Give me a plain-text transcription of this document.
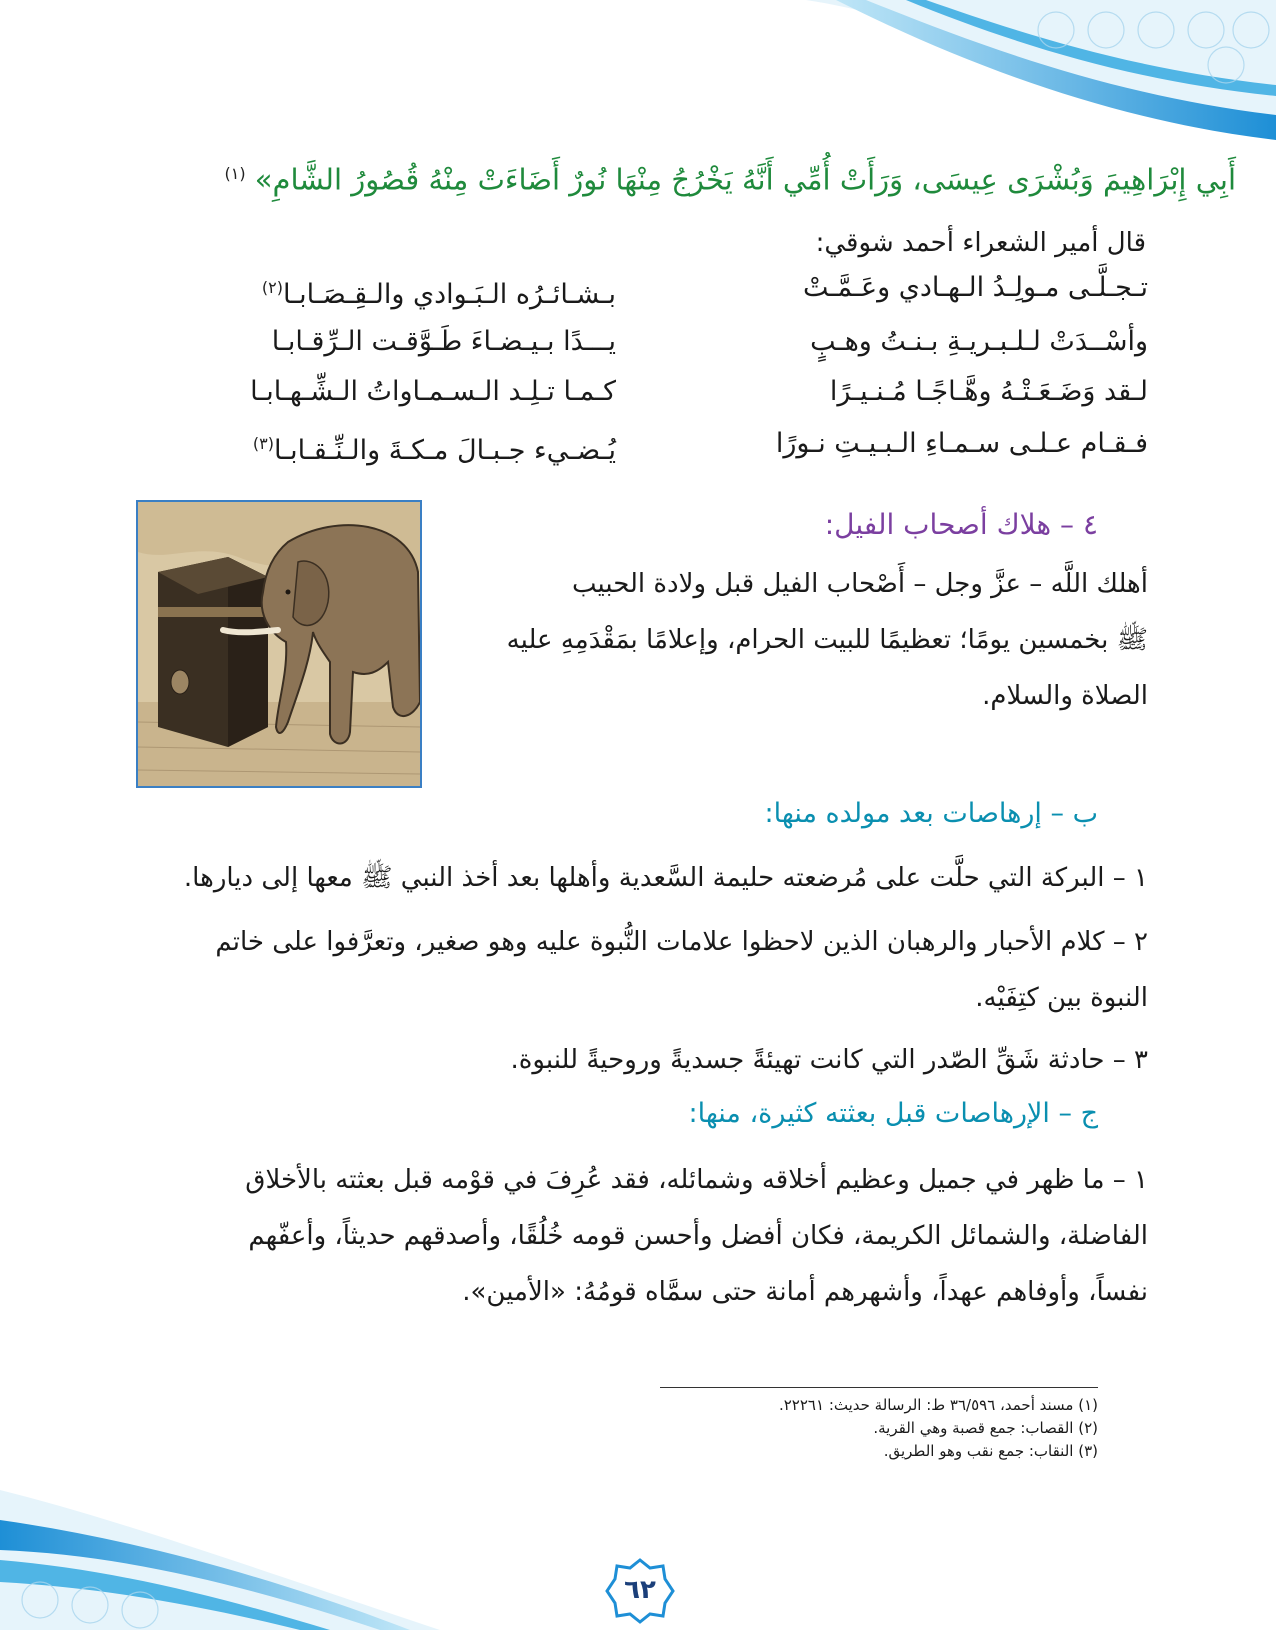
أَبِي إِبْرَاهِيمَ وَبُشْرَى عِيسَى، وَرَأَتْ أُمِّي أَنَّهُ يَخْرُجُ مِنْهَا نُورٌ أَضَاءَتْ مِنْهُ قُصُورُ الشَّامِ» $^{(١)}$
قال أمير الشعراء أحمد شوقي:
تـجـلَّـى مـولِـدُ الـهـادي وعَـمَّـتْ
بـشـائـرُه الـبَـوادي والـقِـصَـابـا$^{(٢)}$
وأسْــدَتْ لـلـبـريـةِ بـنـتُ وهـبٍ
يـــدًا بـيـضـاءَ طَـوَّقـت الـرِّقـابـا
لـقد وَضَـعَـتْـهُ وهَّـاجًـا مُـنـيـرًا
كـمـا تـلِـد الـسـمـاواتُ الـشِّـهـابـا
فـقـام عـلـى سـمـاءِ الـبـيـتِ نـورًا
يُـضـيء جـبـالَ مـكـةَ والـنِّـقـابـا$^{(٣)}$
٤ – هلاك أصحاب الفيل:
أهلك اللَّه – عزَّ وجل – أَصْحاب الفيل قبل ولادة الحبيب
ﷺ بخمسين يومًا؛ تعظيمًا للبيت الحرام، وإعلامًا بمَقْدَمِهِ عليه
الصلاة والسلام.
ب – إرهاصات بعد مولده منها:
١ – البركة التي حلَّت على مُرضعته حليمة السَّعدية وأهلها بعد أخذ النبي ﷺ معها إلى ديارها.
٢ – كلام الأحبار والرهبان الذين لاحظوا علامات النُّبوة عليه وهو صغير، وتعرَّفوا على خاتم
النبوة بين كتِفَيْه.
٣ – حادثة شَقِّ الصّدر التي كانت تهيئةً جسديةً وروحيةً للنبوة.
ج – الإرهاصات قبل بعثته كثيرة، منها:
١ – ما ظهر في جميل وعظيم أخلاقه وشمائله، فقد عُرِفَ في قوْمه قبل بعثته بالأخلاق
الفاضلة، والشمائل الكريمة، فكان أفضل وأحسن قومه خُلُقًا، وأصدقهم حديثاً، وأعفّهم
نفساً، وأوفاهم عهداً، وأشهرهم أمانة حتى سمَّاه قومُهُ: «الأمين».
(١) مسند أحمد، ٣٦/٥٩٦ ط: الرسالة حديث: ٢٢٢٦١.
(٢) القصاب: جمع قصبة وهي القرية.
(٣) النقاب: جمع نقب وهو الطريق.
٦٢
